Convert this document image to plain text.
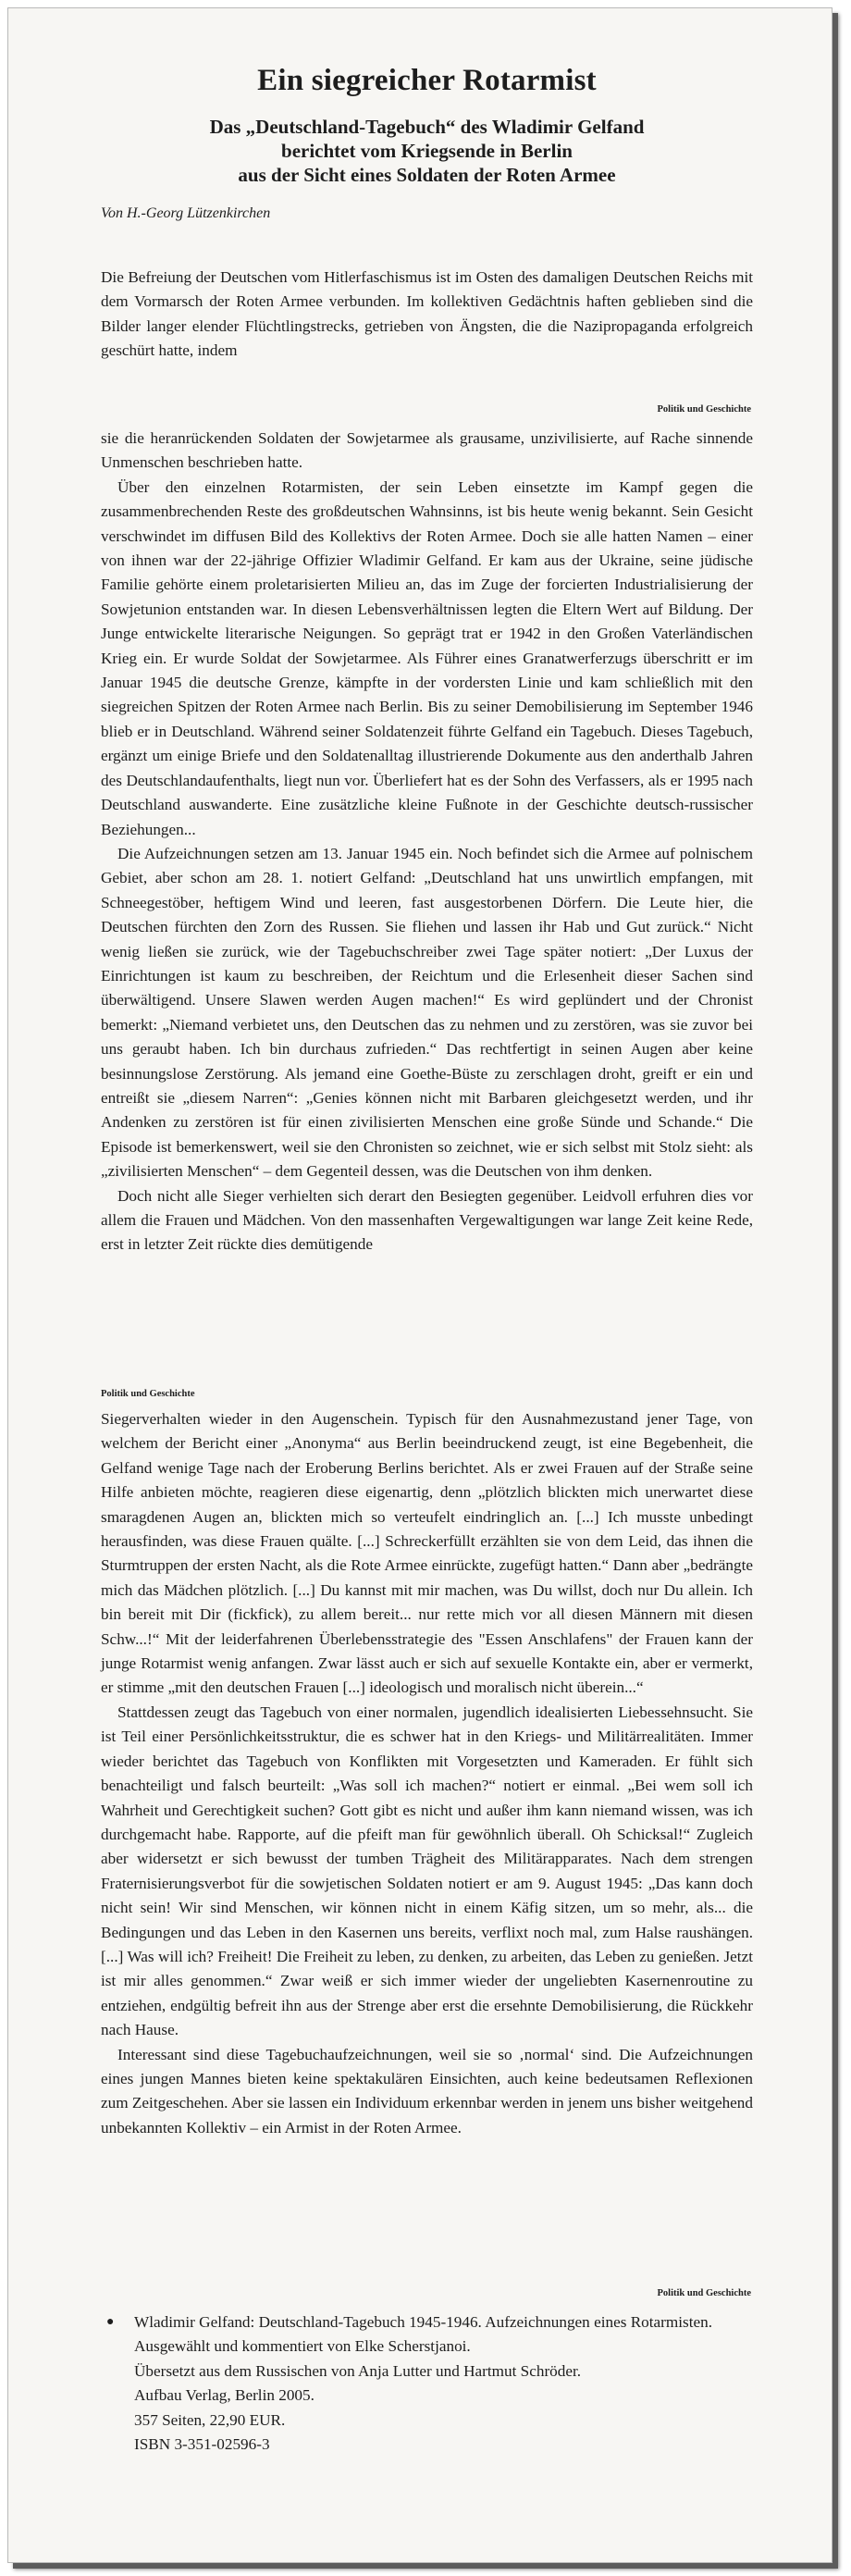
Ein siegreicher Rotarmist
Das „Deutschland-Tagebuch“ des Wladimir Gelfand
berichtet vom Kriegsende in Berlin
aus der Sicht eines Soldaten der Roten Armee
Von H.-Georg Lützenkirchen

Die Befreiung der Deutschen vom Hitlerfaschismus ist im Osten des damaligen Deutschen Reichs mit dem Vormarsch der Roten Armee verbunden. Im kollektiven Gedächtnis haften geblieben sind die Bilder langer elender Flüchtlingstrecks, getrieben von Ängsten, die die Nazipropaganda erfolgreich geschürt hatte, indem

Politik und Geschichte

sie die heranrückenden Soldaten der Sowjetarmee als grausame, unzivilisierte, auf Rache sinnende Unmenschen beschrieben hatte.

Über den einzelnen Rotarmisten, der sein Leben einsetzte im Kampf gegen die zusammenbrechenden Reste des großdeutschen Wahnsinns, ist bis heute wenig bekannt. Sein Gesicht verschwindet im diffusen Bild des Kollektivs der Roten Armee. Doch sie alle hatten Namen – einer von ihnen war der 22-jährige Offizier Wladimir Gelfand. Er kam aus der Ukraine, seine jüdische Familie gehörte einem proletarisierten Milieu an, das im Zuge der forcierten Industrialisierung der Sowjetunion entstanden war. In diesen Lebensverhältnissen legten die Eltern Wert auf Bildung. Der Junge entwickelte literarische Neigungen. So geprägt trat er 1942 in den Großen Vaterländischen Krieg ein. Er wurde Soldat der Sowjetarmee. Als Führer eines Granatwerferzugs überschritt er im Januar 1945 die deutsche Grenze, kämpfte in der vordersten Linie und kam schließlich mit den siegreichen Spitzen der Roten Armee nach Berlin. Bis zu seiner Demobilisierung im September 1946 blieb er in Deutschland. Während seiner Soldatenzeit führte Gelfand ein Tagebuch. Dieses Tagebuch, ergänzt um einige Briefe und den Soldatenalltag illustrierende Dokumente aus den anderthalb Jahren des Deutschlandaufenthalts, liegt nun vor. Überliefert hat es der Sohn des Verfassers, als er 1995 nach Deutschland auswanderte. Eine zusätzliche kleine Fußnote in der Geschichte deutsch-russischer Beziehungen...

Die Aufzeichnungen setzen am 13. Januar 1945 ein. Noch befindet sich die Armee auf polnischem Gebiet, aber schon am 28. 1. notiert Gelfand: „Deutschland hat uns unwirtlich empfangen, mit Schneegestöber, heftigem Wind und leeren, fast ausgestorbenen Dörfern. Die Leute hier, die Deutschen fürchten den Zorn des Russen. Sie fliehen und lassen ihr Hab und Gut zurück.“ Nicht wenig ließen sie zurück, wie der Tagebuchschreiber zwei Tage später notiert: „Der Luxus der Einrichtungen ist kaum zu beschreiben, der Reichtum und die Erlesenheit dieser Sachen sind überwältigend. Unsere Slawen werden Augen machen!“ Es wird geplündert und der Chronist bemerkt: „Niemand verbietet uns, den Deutschen das zu nehmen und zu zerstören, was sie zuvor bei uns geraubt haben. Ich bin durchaus zufrieden.“ Das rechtfertigt in seinen Augen aber keine besinnungslose Zerstörung. Als jemand eine Goethe-Büste zu zerschlagen droht, greift er ein und entreißt sie „diesem Narren“: „Genies können nicht mit Barbaren gleichgesetzt werden, und ihr Andenken zu zerstören ist für einen zivilisierten Menschen eine große Sünde und Schande.“ Die Episode ist bemerkenswert, weil sie den Chronisten so zeichnet, wie er sich selbst mit Stolz sieht: als „zivilisierten Menschen“ – dem Gegenteil dessen, was die Deutschen von ihm denken.

Doch nicht alle Sieger verhielten sich derart den Besiegten gegenüber. Leidvoll erfuhren dies vor allem die Frauen und Mädchen. Von den massenhaften Vergewaltigungen war lange Zeit keine Rede, erst in letzter Zeit rückte dies demütigende

Politik und Geschichte

Siegerverhalten wieder in den Augenschein. Typisch für den Ausnahmezustand jener Tage, von welchem der Bericht einer „Anonyma“ aus Berlin beeindruckend zeugt, ist eine Begebenheit, die Gelfand wenige Tage nach der Eroberung Berlins berichtet. Als er zwei Frauen auf der Straße seine Hilfe anbieten möchte, reagieren diese eigenartig, denn „plötzlich blickten mich unerwartet diese smaragdenen Augen an, blickten mich so verteufelt eindringlich an. [...] Ich musste unbedingt herausfinden, was diese Frauen quälte. [...] Schreckerfüllt erzählten sie von dem Leid, das ihnen die Sturmtruppen der ersten Nacht, als die Rote Armee einrückte, zugefügt hatten.“ Dann aber „bedrängte mich das Mädchen plötzlich. [...] Du kannst mit mir machen, was Du willst, doch nur Du allein. Ich bin bereit mit Dir (fickfick), zu allem bereit... nur rette mich vor all diesen Männern mit diesen Schw...!“ Mit der leiderfahrenen Überlebensstrategie des "Essen Anschlafens" der Frauen kann der junge Rotarmist wenig anfangen. Zwar lässt auch er sich auf sexuelle Kontakte ein, aber er vermerkt, er stimme „mit den deutschen Frauen [...] ideologisch und moralisch nicht überein...“

Stattdessen zeugt das Tagebuch von einer normalen, jugendlich idealisierten Liebessehnsucht. Sie ist Teil einer Persönlichkeitsstruktur, die es schwer hat in den Kriegs- und Militärrealitäten. Immer wieder berichtet das Tagebuch von Konflikten mit Vorgesetzten und Kameraden. Er fühlt sich benachteiligt und falsch beurteilt: „Was soll ich machen?“ notiert er einmal. „Bei wem soll ich Wahrheit und Gerechtigkeit suchen? Gott gibt es nicht und außer ihm kann niemand wissen, was ich durchgemacht habe. Rapporte, auf die pfeift man für gewöhnlich überall. Oh Schicksal!“ Zugleich aber widersetzt er sich bewusst der tumben Trägheit des Militärapparates. Nach dem strengen Fraternisierungsverbot für die sowjetischen Soldaten notiert er am 9. August 1945: „Das kann doch nicht sein! Wir sind Menschen, wir können nicht in einem Käfig sitzen, um so mehr, als... die Bedingungen und das Leben in den Kasernen uns bereits, verflixt noch mal, zum Halse raushängen. [...] Was will ich? Freiheit! Die Freiheit zu leben, zu denken, zu arbeiten, das Leben zu genießen. Jetzt ist mir alles genommen.“ Zwar weiß er sich immer wieder der ungeliebten Kasernenroutine zu entziehen, endgültig befreit ihn aus der Strenge aber erst die ersehnte Demobilisierung, die Rückkehr nach Hause.

Interessant sind diese Tagebuchaufzeichnungen, weil sie so ‚normal‘ sind. Die Aufzeichnungen eines jungen Mannes bieten keine spektakulären Einsichten, auch keine bedeutsamen Reflexionen zum Zeitgeschehen. Aber sie lassen ein Individuum erkennbar werden in jenem uns bisher weitgehend unbekannten Kollektiv – ein Armist in der Roten Armee.

Politik und Geschichte
● Wladimir Gelfand: Deutschland-Tagebuch 1945-1946. Aufzeichnungen eines Rotarmisten.
Ausgewählt und kommentiert von Elke Scherstjanoi.
Übersetzt aus dem Russischen von Anja Lutter und Hartmut Schröder.
Aufbau Verlag, Berlin 2005.
357 Seiten, 22,90 EUR.
ISBN 3-351-02596-3
